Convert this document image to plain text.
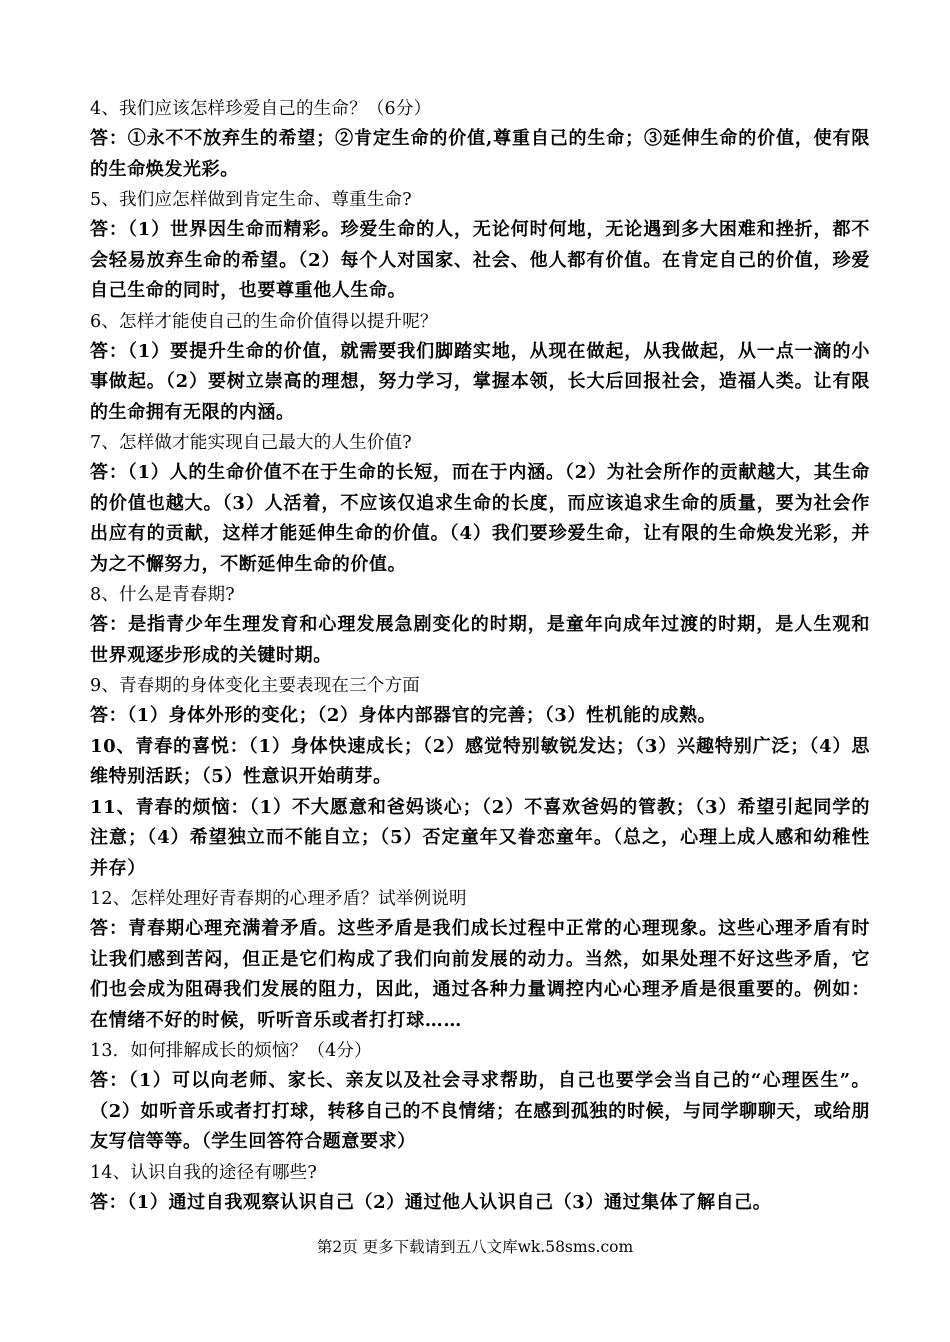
4、我们应该怎样珍爱自己的生命？（6分）
答：①永不不放弃生的希望；②肯定生命的价值,尊重自己的生命；③延伸生命的价值，使有限的生命焕发光彩。
5、我们应怎样做到肯定生命、尊重生命?
答：（1）世界因生命而精彩。珍爱生命的人，无论何时何地，无论遇到多大困难和挫折，都不会轻易放弃生命的希望。（2）每个人对国家、社会、他人都有价值。在肯定自己的价值，珍爱自己生命的同时，也要尊重他人生命。
6、怎样才能使自己的生命价值得以提升呢？
答：（1）要提升生命的价值，就需要我们脚踏实地，从现在做起，从我做起，从一点一滴的小事做起。（2）要树立崇高的理想，努力学习，掌握本领，长大后回报社会，造福人类。让有限的生命拥有无限的内涵。
7、怎样做才能实现自己最大的人生价值?
答：（1）人的生命价值不在于生命的长短，而在于内涵。（2）为社会所作的贡献越大，其生命的价值也越大。（3）人活着，不应该仅追求生命的长度，而应该追求生命的质量，要为社会作出应有的贡献，这样才能延伸生命的价值。（4）我们要珍爱生命，让有限的生命焕发光彩，并为之不懈努力，不断延伸生命的价值。
8、什么是青春期?
答：是指青少年生理发育和心理发展急剧变化的时期，是童年向成年过渡的时期，是人生观和世界观逐步形成的关键时期。
9、青春期的身体变化主要表现在三个方面
答：（1）身体外形的变化；（2）身体内部器官的完善；（3）性机能的成熟。
10、青春的喜悦：（1）身体快速成长；（2）感觉特别敏锐发达；（3）兴趣特别广泛；（4）思维特别活跃；（5）性意识开始萌芽。
11、青春的烦恼：（1）不大愿意和爸妈谈心；（2）不喜欢爸妈的管教；（3）希望引起同学的注意；（4）希望独立而不能自立；（5）否定童年又眷恋童年。（总之，心理上成人感和幼稚性并存）
12、怎样处理好青春期的心理矛盾？试举例说明
答：青春期心理充满着矛盾。这些矛盾是我们成长过程中正常的心理现象。这些心理矛盾有时让我们感到苦闷，但正是它们构成了我们向前发展的动力。当然，如果处理不好这些矛盾，它们也会成为阻碍我们发展的阻力，因此，通过各种力量调控内心心理矛盾是很重要的。例如：在情绪不好的时候，听听音乐或者打打球……
13．如何排解成长的烦恼？（4分）
答：（1）可以向老师、家长、亲友以及社会寻求帮助，自己也要学会当自己的“心理医生”。（2）如听音乐或者打打球，转移自己的不良情绪；在感到孤独的时候，与同学聊聊天，或给朋友写信等等。（学生回答符合题意要求）
14、认识自我的途径有哪些?
答：（1）通过自我观察认识自己（2）通过他人认识自己（3）通过集体了解自己。
第2页 更多下载请到五八文库wk.58sms.com
